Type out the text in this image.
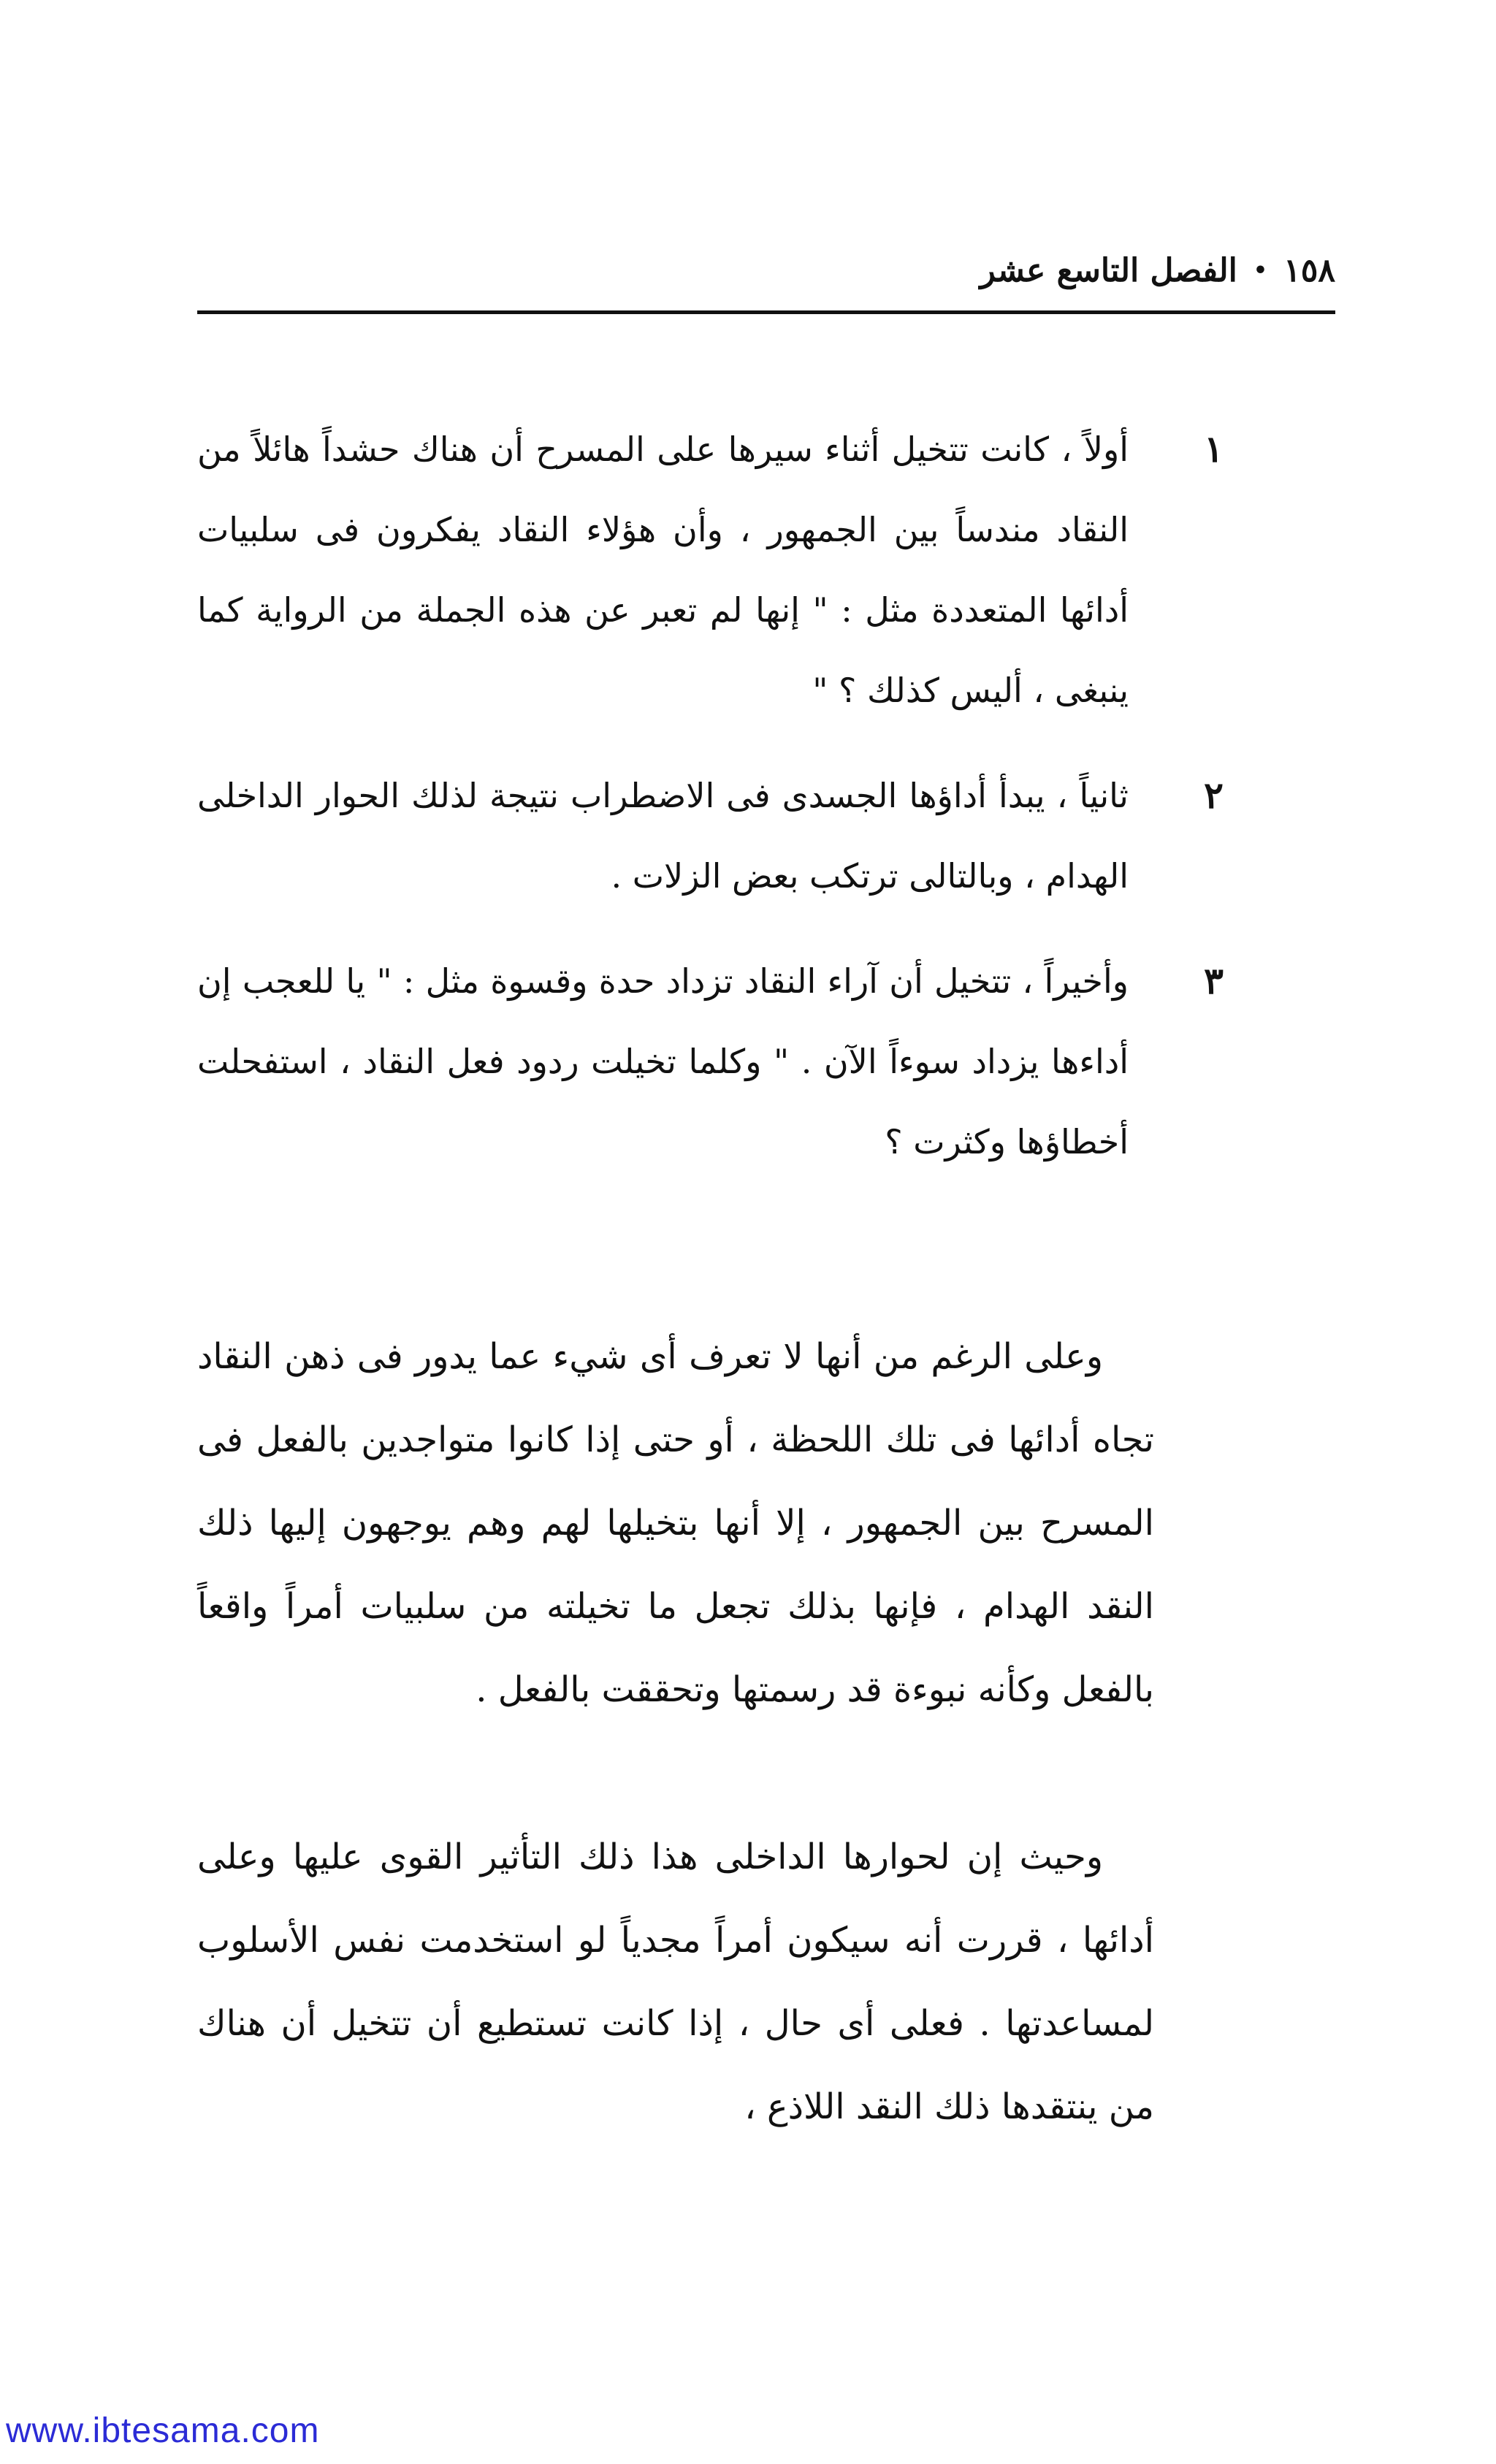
١٥٨
•
الفصل التاسع عشر
١

أولاً ، كانت تتخيل أثناء سيرها على المسرح أن هناك حشداً هائلاً من النقاد مندساً بين الجمهور ، وأن هؤلاء النقاد يفكرون فى سلبيات أدائها المتعددة مثل : " إنها لم تعبر عن هذه الجملة من الرواية كما ينبغى ، أليس كذلك ؟ "

٢

ثانياً ، يبدأ أداؤها الجسدى فى الاضطراب نتيجة لذلك الحوار الداخلى الهدام ، وبالتالى ترتكب بعض الزلات .

٣

وأخيراً ، تتخيل أن آراء النقاد تزداد حدة وقسوة مثل : " يا للعجب إن أداءها يزداد سوءاً الآن . " وكلما تخيلت ردود فعل النقاد ، استفحلت أخطاؤها وكثرت ؟

وعلى الرغم من أنها لا تعرف أى شيء عما يدور فى ذهن النقاد تجاه أدائها فى تلك اللحظة ، أو حتى إذا كانوا متواجدين بالفعل فى المسرح بين الجمهور ، إلا أنها بتخيلها لهم وهم يوجهون إليها ذلك النقد الهدام ، فإنها بذلك تجعل ما تخيلته من سلبيات أمراً واقعاً بالفعل وكأنه نبوءة قد رسمتها وتحققت بالفعل .

وحيث إن لحوارها الداخلى هذا ذلك التأثير القوى عليها وعلى أدائها ، قررت أنه سيكون أمراً مجدياً لو استخدمت نفس الأسلوب لمساعدتها . فعلى أى حال ، إذا كانت تستطيع أن تتخيل أن هناك من ينتقدها ذلك النقد اللاذع ،

www.ibtesama.com
